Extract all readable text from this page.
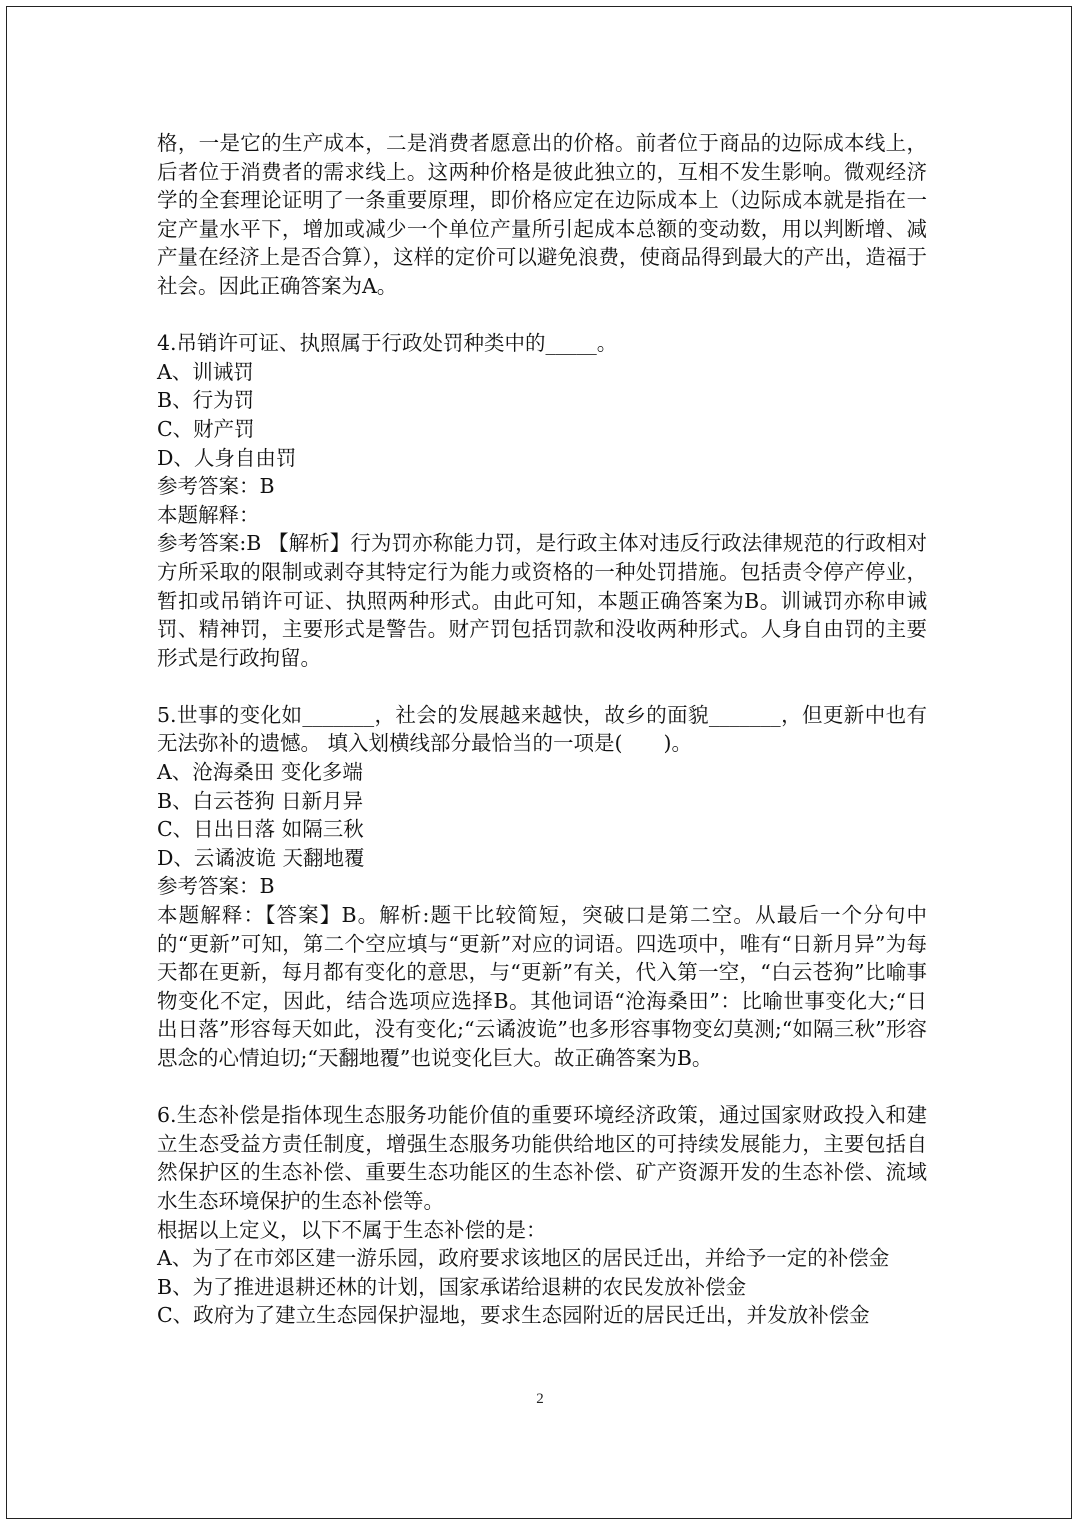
格，一是它的生产成本，二是消费者愿意出的价格。前者位于商品的边际成本线上，后者位于消费者的需求线上。这两种价格是彼此独立的，互相不发生影响。微观经济学的全套理论证明了一条重要原理，即价格应定在边际成本上（边际成本就是指在一定产量水平下，增加或减少一个单位产量所引起成本总额的变动数，用以判断增、减产量在经济上是否合算），这样的定价可以避免浪费，使商品得到最大的产出，造福于社会。因此正确答案为A。

4.吊销许可证、执照属于行政处罚种类中的_____。

A、训诫罚

B、行为罚

C、财产罚

D、人身自由罚

参考答案：B

本题解释：

参考答案:B 【解析】行为罚亦称能力罚，是行政主体对违反行政法律规范的行政相对方所采取的限制或剥夺其特定行为能力或资格的一种处罚措施。包括责令停产停业，暂扣或吊销许可证、执照两种形式。由此可知，本题正确答案为B。训诫罚亦称申诫罚、精神罚，主要形式是警告。财产罚包括罚款和没收两种形式。人身自由罚的主要形式是行政拘留。

5.世事的变化如_______，社会的发展越来越快，故乡的面貌_______，但更新中也有无法弥补的遗憾。 填入划横线部分最恰当的一项是(　　)。

A、沧海桑田 变化多端

B、白云苍狗 日新月异

C、日出日落 如隔三秋

D、云谲波诡 天翻地覆

参考答案：B

本题解释：【答案】B。解析:题干比较简短，突破口是第二空。从最后一个分句中的“更新”可知，第二个空应填与“更新”对应的词语。四选项中，唯有“日新月异”为每天都在更新，每月都有变化的意思，与“更新”有关，代入第一空，“白云苍狗”比喻事物变化不定，因此，结合选项应选择B。其他词语“沧海桑田”：比喻世事变化大;“日出日落”形容每天如此，没有变化;“云谲波诡”也多形容事物变幻莫测;“如隔三秋”形容思念的心情迫切;“天翻地覆”也说变化巨大。故正确答案为B。

6.生态补偿是指体现生态服务功能价值的重要环境经济政策，通过国家财政投入和建立生态受益方责任制度，增强生态服务功能供给地区的可持续发展能力，主要包括自然保护区的生态补偿、重要生态功能区的生态补偿、矿产资源开发的生态补偿、流域水生态环境保护的生态补偿等。

根据以上定义，以下不属于生态补偿的是：

A、为了在市郊区建一游乐园，政府要求该地区的居民迁出，并给予一定的补偿金

B、为了推进退耕还林的计划，国家承诺给退耕的农民发放补偿金

C、政府为了建立生态园保护湿地，要求生态园附近的居民迁出，并发放补偿金

2
